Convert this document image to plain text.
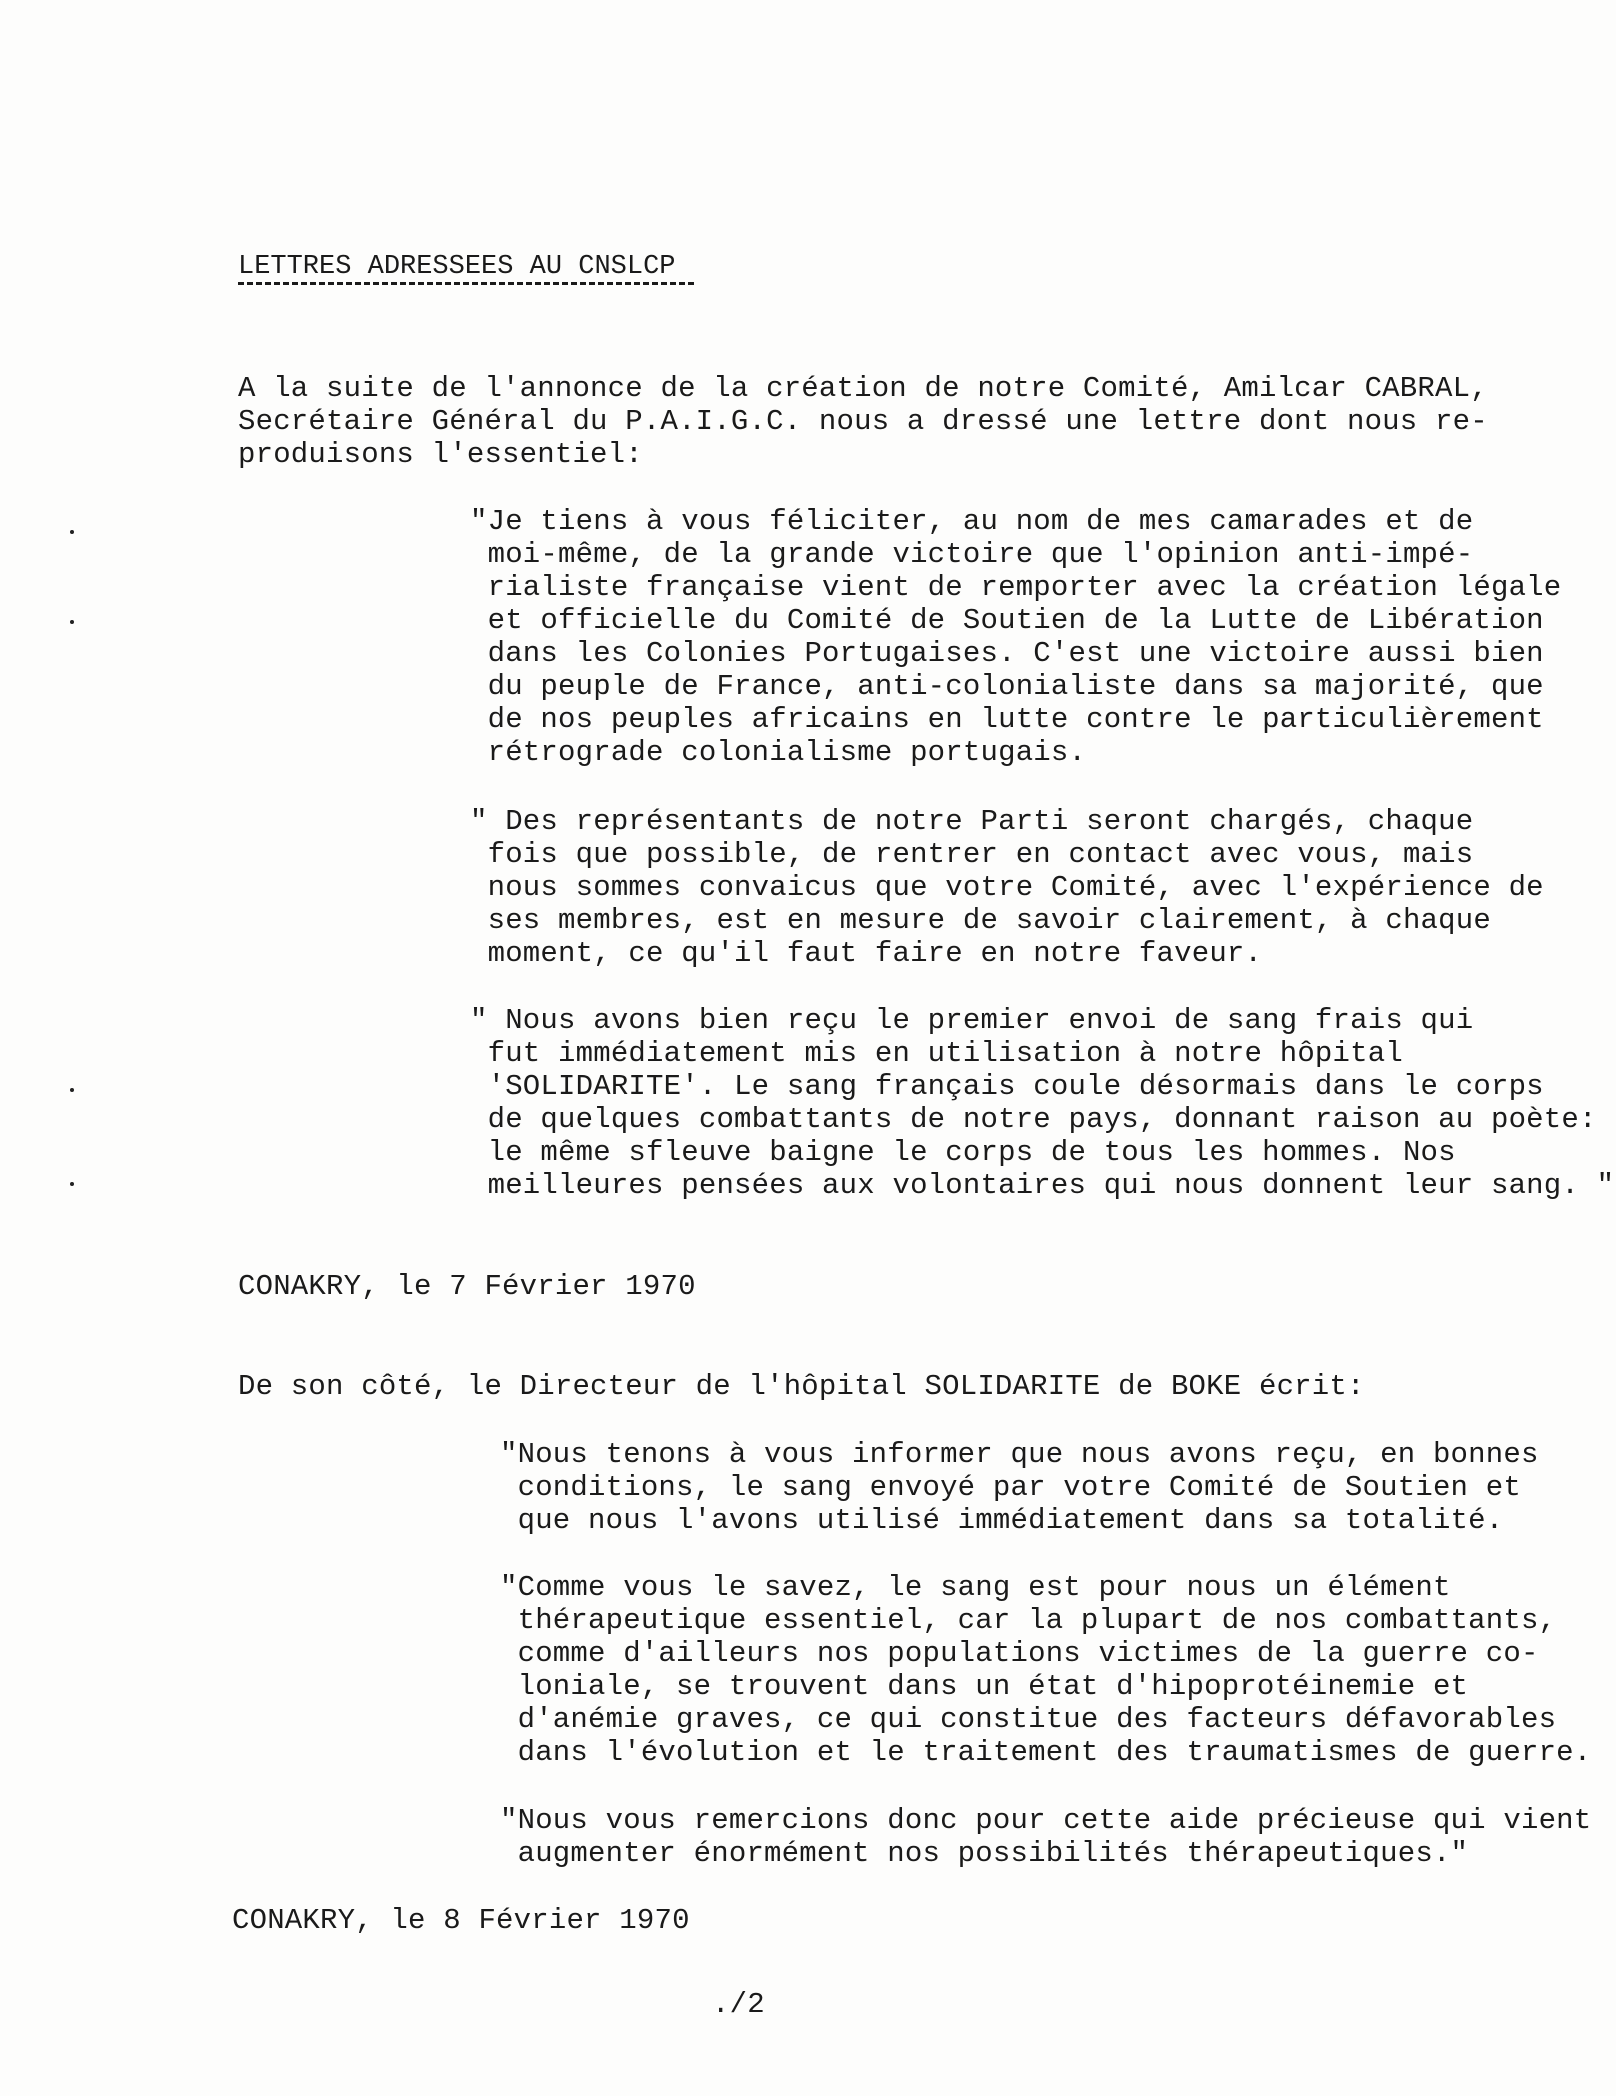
LETTRES ADRESSEES AU CNSLCP
A la suite de l'annonce de la création de notre Comité, Amilcar CABRAL,
Secrétaire Général du P.A.I.G.C. nous a dressé une lettre dont nous re-
produisons l'essentiel:
"Je tiens à vous féliciter, au nom de mes camarades et de
moi-même, de la grande victoire que l'opinion anti-impé-
rialiste française vient de remporter avec la création légale
et officielle du Comité de Soutien de la Lutte de Libération
dans les Colonies Portugaises. C'est une victoire aussi bien
du peuple de France, anti-colonialiste dans sa majorité, que
de nos peuples africains en lutte contre le particulièrement
rétrograde colonialisme portugais.
" Des représentants de notre Parti seront chargés, chaque
fois que possible, de rentrer en contact avec vous, mais
nous sommes convaicus que votre Comité, avec l'expérience de
ses membres, est en mesure de savoir clairement, à chaque
moment, ce qu'il faut faire en notre faveur.
" Nous avons bien reçu le premier envoi de sang frais qui
fut immédiatement mis en utilisation à notre hôpital
'SOLIDARITE'. Le sang français coule désormais dans le corps
de quelques combattants de notre pays, donnant raison au poète:
le même sfleuve baigne le corps de tous les hommes. Nos
meilleures pensées aux volontaires qui nous donnent leur sang. "
CONAKRY, le 7 Février 1970
De son côté, le Directeur de l'hôpital SOLIDARITE de BOKE écrit:
"Nous tenons à vous informer que nous avons reçu, en bonnes
conditions, le sang envoyé par votre Comité de Soutien et
que nous l'avons utilisé immédiatement dans sa totalité.
"Comme vous le savez, le sang est pour nous un élément
thérapeutique essentiel, car la plupart de nos combattants,
comme d'ailleurs nos populations victimes de la guerre co-
loniale, se trouvent dans un état d'hipoprotéinemie et
d'anémie graves, ce qui constitue des facteurs défavorables
dans l'évolution et le traitement des traumatismes de guerre.
"Nous vous remercions donc pour cette aide précieuse qui vient
augmenter énormément nos possibilités thérapeutiques."
CONAKRY, le 8 Février 1970
./2
